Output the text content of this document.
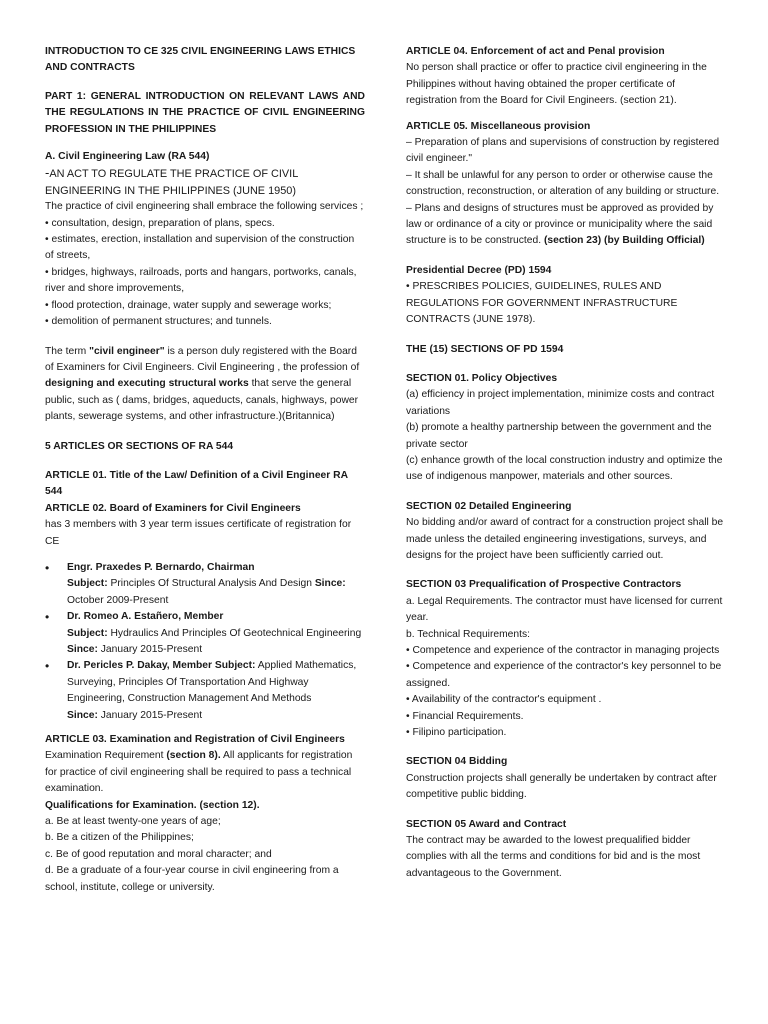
INTRODUCTION TO CE 325 CIVIL ENGINEERING LAWS ETHICS AND CONTRACTS

PART 1: GENERAL INTRODUCTION ON RELEVANT LAWS AND THE REGULATIONS IN THE PRACTICE OF CIVIL ENGINEERING PROFESSION IN THE PHILIPPINES

A. Civil Engineering Law (RA 544)

-AN ACT TO REGULATE THE PRACTICE OF CIVIL ENGINEERING IN THE PHILIPPINES (JUNE 1950)

The practice of civil engineering shall embrace the following services ;

• consultation, design, preparation of plans, specs.

• estimates, erection, installation and supervision of the construction of streets,

• bridges, highways, railroads, ports and hangars, portworks, canals, river and shore improvements,

• flood protection, drainage, water supply and sewerage works;

• demolition of permanent structures; and tunnels.

The term "civil engineer" is a person duly registered with the Board of Examiners for Civil Engineers. Civil Engineering , the profession of designing and executing structural works that serve the general public, such as ( dams, bridges, aqueducts, canals, highways, power plants, sewerage systems, and other infrastructure.)(Britannica)

5 ARTICLES OR SECTIONS OF RA 544

ARTICLE 01. Title of the Law/ Definition of a Civil Engineer RA 544

ARTICLE 02. Board of Examiners for Civil Engineers

has 3 members with 3 year term issues certificate of registration for CE

• Engr. Praxedes P. Bernardo, Chairman
Subject: Principles Of Structural Analysis And Design Since: October 2009-Present
• Dr. Romeo A. Estañero, Member
Subject: Hydraulics And Principles Of Geotechnical Engineering
Since: January 2015-Present
• Dr. Pericles P. Dakay, Member Subject: Applied Mathematics, Surveying, Principles Of Transportation And Highway Engineering, Construction Management And Methods
Since: January 2015-Present

ARTICLE 03. Examination and Registration of Civil Engineers

Examination Requirement (section 8). All applicants for registration for practice of civil engineering shall be required to pass a technical examination.

Qualifications for Examination. (section 12).

a. Be at least twenty-one years of age;

b. Be a citizen of the Philippines;

c. Be of good reputation and moral character; and

d. Be a graduate of a four-year course in civil engineering from a school, institute, college or university.

ARTICLE 04. Enforcement of act and Penal provision

No person shall practice or offer to practice civil engineering in the Philippines without having obtained the proper certificate of registration from the Board for Civil Engineers. (section 21).

ARTICLE 05. Miscellaneous provision

– Preparation of plans and supervisions of construction by registered civil engineer."

– It shall be unlawful for any person to order or otherwise cause the construction, reconstruction, or alteration of any building or structure.

– Plans and designs of structures must be approved as provided by law or ordinance of a city or province or municipality where the said structure is to be constructed. (section 23) (by Building Official)

Presidential Decree (PD) 1594

• PRESCRIBES POLICIES, GUIDELINES, RULES AND REGULATIONS FOR GOVERNMENT INFRASTRUCTURE CONTRACTS (JUNE 1978).

THE (15) SECTIONS OF PD 1594

SECTION 01. Policy Objectives

(a) efficiency in project implementation, minimize costs and contract variations

(b) promote a healthy partnership between the government and the private sector

(c) enhance growth of the local construction industry and optimize the use of indigenous manpower, materials and other sources.

SECTION 02 Detailed Engineering

No bidding and/or award of contract for a construction project shall be made unless the detailed engineering investigations, surveys, and designs for the project have been sufficiently carried out.

SECTION 03 Prequalification of Prospective Contractors

a. Legal Requirements. The contractor must have licensed for current year.

b. Technical Requirements:

• Competence and experience of the contractor in managing projects

• Competence and experience of the contractor's key personnel to be assigned.

• Availability of the contractor's equipment .

• Financial Requirements.

• Filipino participation.

SECTION 04 Bidding

Construction projects shall generally be undertaken by contract after competitive public bidding.

SECTION 05 Award and Contract

The contract may be awarded to the lowest prequalified bidder complies with all the terms and conditions for bid and is the most advantageous to the Government.
